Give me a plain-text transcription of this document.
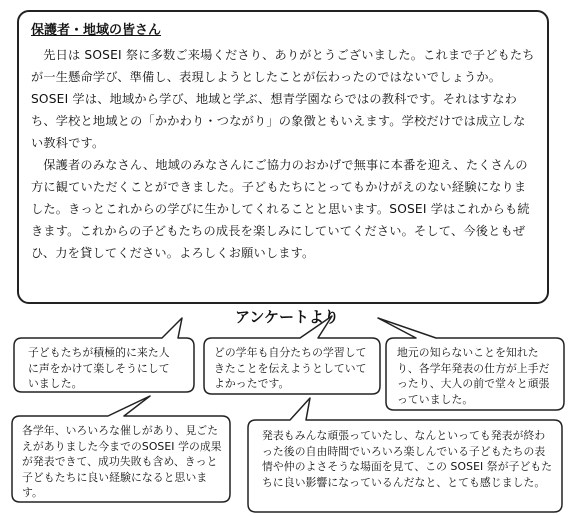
保護者・地域の皆さん

先日は SOSEI 祭に多数ご来場くださり、ありがとうございました。これまで子どもたちが一生懸命学び、準備し、表現しようとしたことが伝わったのではないでしょうか。SOSEI 学は、地域から学び、地域と学ぶ、想青学園ならではの教科です。それはすなわち、学校と地域との「かかわり・つながり」の象徴ともいえます。学校だけでは成立しない教科です。

保護者のみなさん、地域のみなさんにご協力のおかげで無事に本番を迎え、たくさんの方に観ていただくことができました。子どもたちにとってもかけがえのない経験になりました。きっとこれからの学びに生かしてくれることと思います。SOSEI 学はこれからも続きます。これからの子どもたちの成長を楽しみにしていてください。そして、今後ともぜひ、力を貸してください。よろしくお願いします。

アンケートより

子どもたちが積極的に来た人に声をかけて楽しそうにしていました。

どの学年も自分たちの学習してきたことを伝えようとしていてよかったです。

地元の知らないことを知れたり、各学年発表の仕方が上手だったり、大人の前で堂々と頑張っていました。

各学年、いろいろな催しがあり、見ごたえがありました今までのSOSEI 学の成果が発表できて、成功失敗も含め、きっと子どもたちに良い経験になると思います。

発表もみんな頑張っていたし、なんといっても発表が終わった後の自由時間でいろいろ楽しんでいる子どもたちの表情や仲のよさそうな場面を見て、この SOSEI 祭が子どもたちに良い影響になっているんだなと、とても感じました。
